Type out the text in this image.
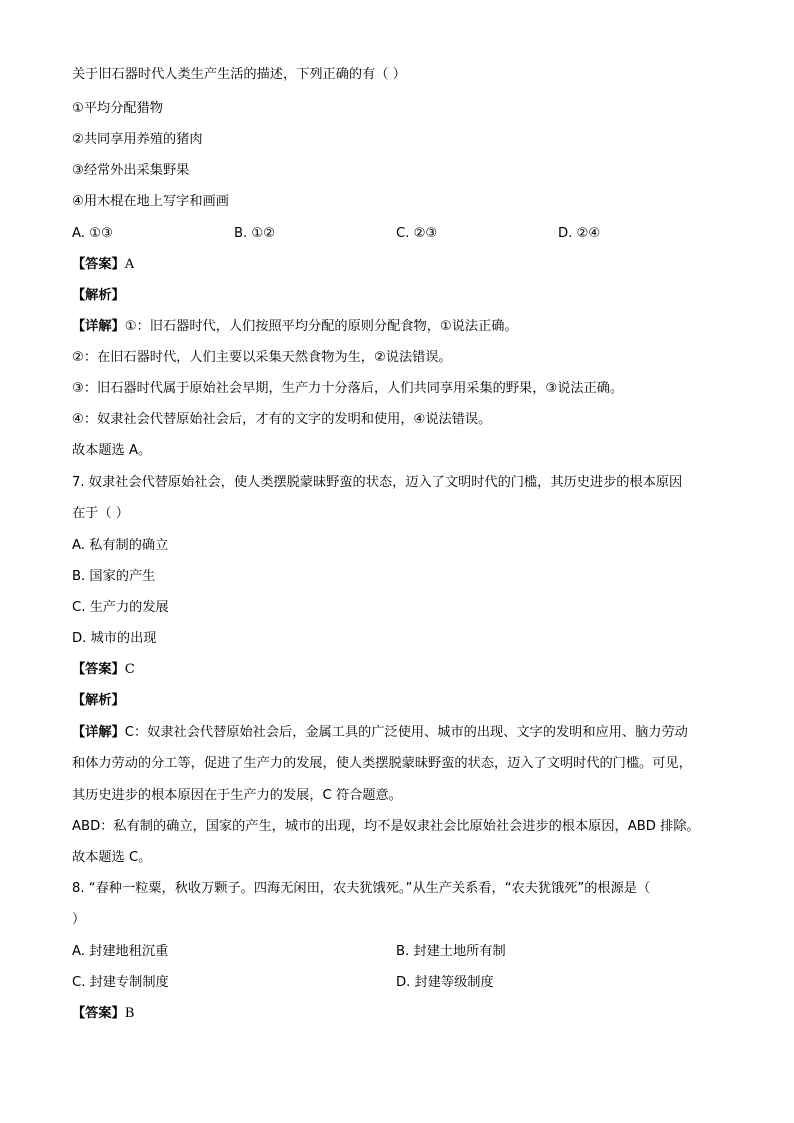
关于旧石器时代人类生产生活的描述，下列正确的有（ ）
①平均分配猎物
②共同享用养殖的猪肉
③经常外出采集野果
④用木棍在地上写字和画画
A. ①③	B. ①②	C. ②③	D. ②④
【答案】A
【解析】
【详解】①：旧石器时代，人们按照平均分配的原则分配食物，①说法正确。
②：在旧石器时代，人们主要以采集天然食物为生，②说法错误。
③：旧石器时代属于原始社会早期，生产力十分落后，人们共同享用采集的野果，③说法正确。
④：奴隶社会代替原始社会后，才有的文字的发明和使用，④说法错误。
故本题选 A。
7. 奴隶社会代替原始社会，使人类摆脱蒙昧野蛮的状态，迈入了文明时代的门槛，其历史进步的根本原因
在于（ ）
A. 私有制的确立
B. 国家的产生
C. 生产力的发展
D. 城市的出现
【答案】C
【解析】
【详解】C：奴隶社会代替原始社会后，金属工具的广泛使用、城市的出现、文字的发明和应用、脑力劳动
和体力劳动的分工等，促进了生产力的发展，使人类摆脱蒙昧野蛮的状态，迈入了文明时代的门槛。可见，
其历史进步的根本原因在于生产力的发展，C 符合题意。
ABD：私有制的确立，国家的产生，城市的出现，均不是奴隶社会比原始社会进步的根本原因，ABD 排除。
故本题选 C。
8. “春种一粒粟，秋收万颗子。四海无闲田，农夫犹饿死。”从生产关系看，“农夫犹饿死”的根源是（
）
A. 封建地租沉重	B. 封建土地所有制
C. 封建专制制度	D. 封建等级制度
【答案】B
